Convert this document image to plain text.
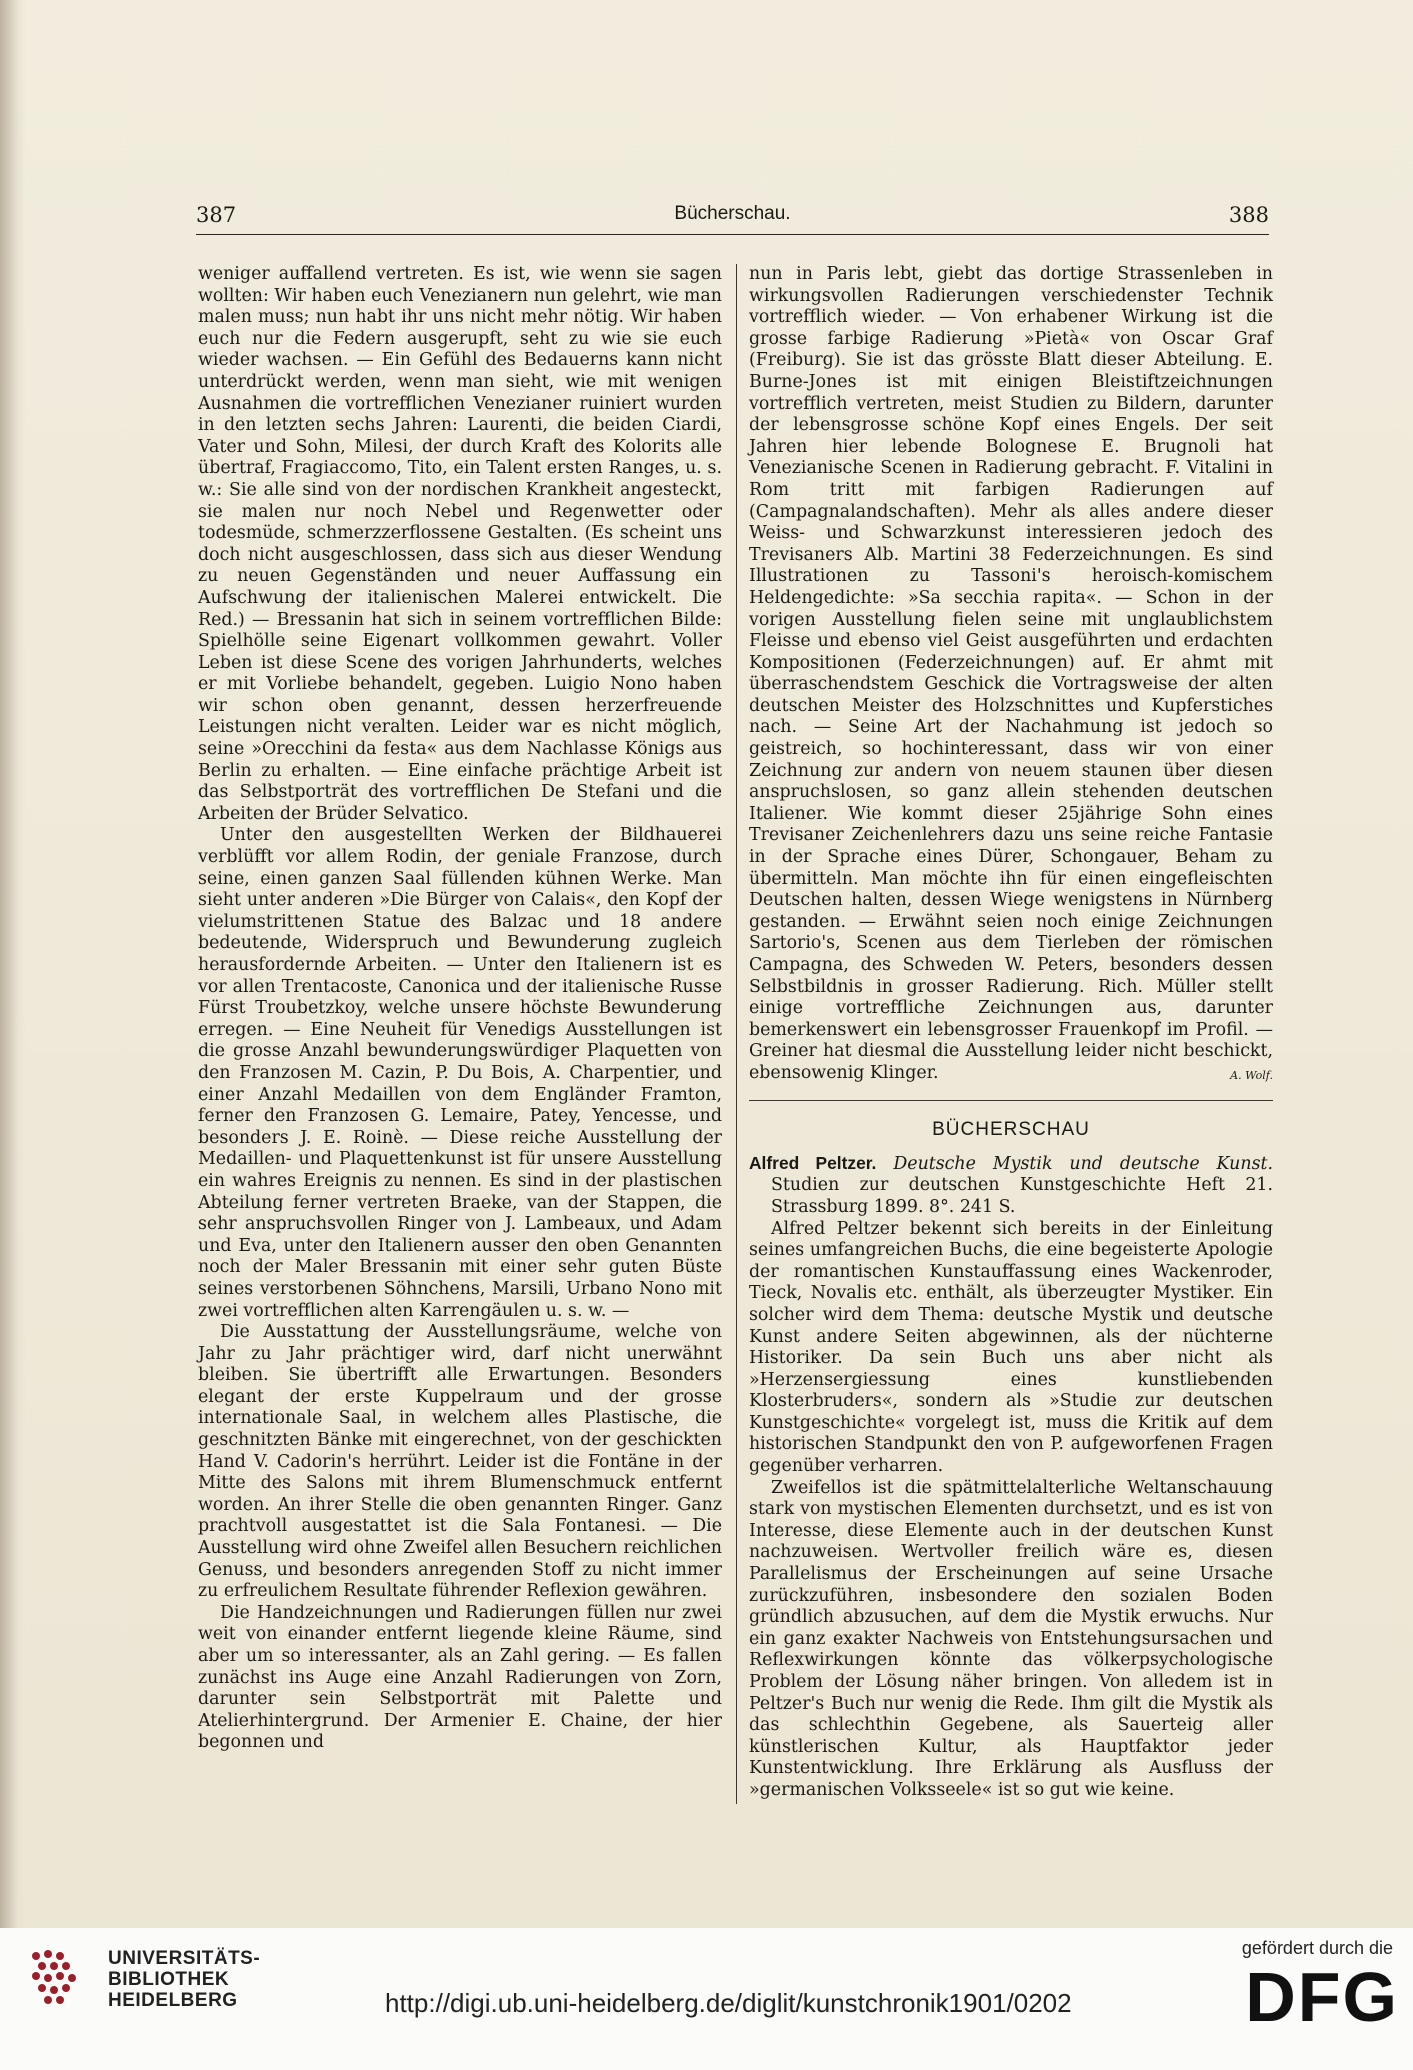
387	Bücherschau.	388

weniger auffallend vertreten. Es ist, wie wenn sie sagen wollten: Wir haben euch Venezianern nun gelehrt, wie man malen muss; nun habt ihr uns nicht mehr nötig. Wir haben euch nur die Federn ausgerupft, seht zu wie sie euch wieder wachsen. — Ein Gefühl des Bedauerns kann nicht unterdrückt werden, wenn man sieht, wie mit wenigen Ausnahmen die vortrefflichen Venezianer ruiniert wurden in den letzten sechs Jahren: Laurenti, die beiden Ciardi, Vater und Sohn, Milesi, der durch Kraft des Kolorits alle übertraf, Fragiaccomo, Tito, ein Talent ersten Ranges, u. s. w.: Sie alle sind von der nordischen Krankheit angesteckt, sie malen nur noch Nebel und Regenwetter oder todesmüde, schmerzzerflossene Gestalten. (Es scheint uns doch nicht ausgeschlossen, dass sich aus dieser Wendung zu neuen Gegenständen und neuer Auffassung ein Aufschwung der italienischen Malerei entwickelt. Die Red.) — Bressanin hat sich in seinem vortrefflichen Bilde: Spielhölle seine Eigenart vollkommen gewahrt. Voller Leben ist diese Scene des vorigen Jahrhunderts, welches er mit Vorliebe behandelt, gegeben. Luigio Nono haben wir schon oben genannt, dessen herzerfreuende Leistungen nicht veralten. Leider war es nicht möglich, seine »Orecchini da festa« aus dem Nachlasse Königs aus Berlin zu erhalten. — Eine einfache prächtige Arbeit ist das Selbstporträt des vortrefflichen De Stefani und die Arbeiten der Brüder Selvatico.

Unter den ausgestellten Werken der Bildhauerei verblüfft vor allem Rodin, der geniale Franzose, durch seine, einen ganzen Saal füllenden kühnen Werke. Man sieht unter anderen »Die Bürger von Calais«, den Kopf der vielumstrittenen Statue des Balzac und 18 andere bedeutende, Widerspruch und Bewunderung zugleich herausfordernde Arbeiten. — Unter den Italienern ist es vor allen Trentacoste, Canonica und der italienische Russe Fürst Troubetzkoy, welche unsere höchste Bewunderung erregen. — Eine Neuheit für Venedigs Ausstellungen ist die grosse Anzahl bewunderungswürdiger Plaquetten von den Franzosen M. Cazin, P. Du Bois, A. Charpentier, und einer Anzahl Medaillen von dem Engländer Framton, ferner den Franzosen G. Lemaire, Patey, Yencesse, und besonders J. E. Roinè. — Diese reiche Ausstellung der Medaillen- und Plaquettenkunst ist für unsere Ausstellung ein wahres Ereignis zu nennen. Es sind in der plastischen Abteilung ferner vertreten Braeke, van der Stappen, die sehr anspruchsvollen Ringer von J. Lambeaux, und Adam und Eva, unter den Italienern ausser den oben Genannten noch der Maler Bressanin mit einer sehr guten Büste seines verstorbenen Söhnchens, Marsili, Urbano Nono mit zwei vortrefflichen alten Karrengäulen u. s. w. —

Die Ausstattung der Ausstellungsräume, welche von Jahr zu Jahr prächtiger wird, darf nicht unerwähnt bleiben. Sie übertrifft alle Erwartungen. Besonders elegant der erste Kuppelraum und der grosse internationale Saal, in welchem alles Plastische, die geschnitzten Bänke mit eingerechnet, von der geschickten Hand V. Cadorin's herrührt. Leider ist die Fontäne in der Mitte des Salons mit ihrem Blumenschmuck entfernt worden. An ihrer Stelle die oben genannten Ringer. Ganz prachtvoll ausgestattet ist die Sala Fontanesi. — Die Ausstellung wird ohne Zweifel allen Besuchern reichlichen Genuss, und besonders anregenden Stoff zu nicht immer zu erfreulichem Resultate führender Reflexion gewähren.

Die Handzeichnungen und Radierungen füllen nur zwei weit von einander entfernt liegende kleine Räume, sind aber um so interessanter, als an Zahl gering. — Es fallen zunächst ins Auge eine Anzahl Radierungen von Zorn, darunter sein Selbstporträt mit Palette und Atelierhintergrund. Der Armenier E. Chaine, der hier begonnen und

nun in Paris lebt, giebt das dortige Strassenleben in wirkungsvollen Radierungen verschiedenster Technik vortrefflich wieder. — Von erhabener Wirkung ist die grosse farbige Radierung »Pietà« von Oscar Graf (Freiburg). Sie ist das grösste Blatt dieser Abteilung. E. Burne-Jones ist mit einigen Bleistiftzeichnungen vortrefflich vertreten, meist Studien zu Bildern, darunter der lebensgrosse schöne Kopf eines Engels. Der seit Jahren hier lebende Bolognese E. Brugnoli hat Venezianische Scenen in Radierung gebracht. F. Vitalini in Rom tritt mit farbigen Radierungen auf (Campagnalandschaften). Mehr als alles andere dieser Weiss- und Schwarzkunst interessieren jedoch des Trevisaners Alb. Martini 38 Federzeichnungen. Es sind Illustrationen zu Tassoni's heroisch-komischem Heldengedichte: »Sa secchia rapita«. — Schon in der vorigen Ausstellung fielen seine mit unglaublichstem Fleisse und ebenso viel Geist ausgeführten und erdachten Kompositionen (Federzeichnungen) auf. Er ahmt mit überraschendstem Geschick die Vortragsweise der alten deutschen Meister des Holzschnittes und Kupferstiches nach. — Seine Art der Nachahmung ist jedoch so geistreich, so hochinteressant, dass wir von einer Zeichnung zur andern von neuem staunen über diesen anspruchslosen, so ganz allein stehenden deutschen Italiener. Wie kommt dieser 25jährige Sohn eines Trevisaner Zeichenlehrers dazu uns seine reiche Fantasie in der Sprache eines Dürer, Schongauer, Beham zu übermitteln. Man möchte ihn für einen eingefleischten Deutschen halten, dessen Wiege wenigstens in Nürnberg gestanden. — Erwähnt seien noch einige Zeichnungen Sartorio's, Scenen aus dem Tierleben der römischen Campagna, des Schweden W. Peters, besonders dessen Selbstbildnis in grosser Radierung. Rich. Müller stellt einige vortreffliche Zeichnungen aus, darunter bemerkenswert ein lebensgrosser Frauenkopf im Profil. — Greiner hat diesmal die Ausstellung leider nicht beschickt, ebensowenig Klinger.	A. Wolf.
BÜCHERSCHAU

Alfred Peltzer. Deutsche Mystik und deutsche Kunst. Studien zur deutschen Kunstgeschichte Heft 21. Strassburg 1899. 8°. 241 S.

Alfred Peltzer bekennt sich bereits in der Einleitung seines umfangreichen Buchs, die eine begeisterte Apologie der romantischen Kunstauffassung eines Wackenroder, Tieck, Novalis etc. enthält, als überzeugter Mystiker. Ein solcher wird dem Thema: deutsche Mystik und deutsche Kunst andere Seiten abgewinnen, als der nüchterne Historiker. Da sein Buch uns aber nicht als »Herzensergiessung eines kunstliebenden Klosterbruders«, sondern als »Studie zur deutschen Kunstgeschichte« vorgelegt ist, muss die Kritik auf dem historischen Standpunkt den von P. aufgeworfenen Fragen gegenüber verharren.

Zweifellos ist die spätmittelalterliche Weltanschauung stark von mystischen Elementen durchsetzt, und es ist von Interesse, diese Elemente auch in der deutschen Kunst nachzuweisen. Wertvoller freilich wäre es, diesen Parallelismus der Erscheinungen auf seine Ursache zurückzuführen, insbesondere den sozialen Boden gründlich abzusuchen, auf dem die Mystik erwuchs. Nur ein ganz exakter Nachweis von Entstehungsursachen und Reflexwirkungen könnte das völkerpsychologische Problem der Lösung näher bringen. Von alledem ist in Peltzer's Buch nur wenig die Rede. Ihm gilt die Mystik als das schlechthin Gegebene, als Sauerteig aller künstlerischen Kultur, als Hauptfaktor jeder Kunstentwicklung. Ihre Erklärung als Ausfluss der »germanischen Volksseele« ist so gut wie keine.

UNIVERSITÄTS-
BIBLIOTHEK
HEIDELBERG	http://digi.ub.uni-heidelberg.de/diglit/kunstchronik1901/0202
gefördert durch die
DFG
